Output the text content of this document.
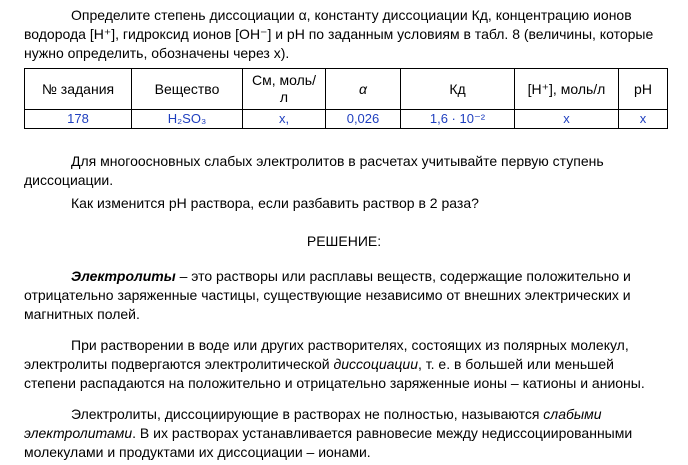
Определите степень диссоциации α, константу диссоциации Кд, концентрацию ионов водорода [H⁺], гидроксид ионов [OH⁻] и pH по заданным условиям в табл. 8 (величины, которые нужно определить, обозначены через x).

№ задания	Вещество	См, моль/л	α	Кд	[H⁺], моль/л	pH
178	H₂SO₃	x,	0,026	1,6 · 10⁻²	x	x

Для многоосновных слабых электролитов в расчетах учитывайте первую ступень диссоциации.

Как изменится pH раствора, если разбавить раствор в 2 раза?

РЕШЕНИЕ:

Электролиты – это растворы или расплавы веществ, содержащие положительно и отрицательно заряженные частицы, существующие независимо от внешних электрических и магнитных полей.

При растворении в воде или других растворителях, состоящих из полярных молекул, электролиты подвергаются электролитической диссоциации, т. е. в большей или меньшей степени распадаются на положительно и отрицательно заряженные ионы – катионы и анионы.

Электролиты, диссоциирующие в растворах не полностью, называются слабыми электролитами. В их растворах устанавливается равновесие между недиссоциированными молекулами и продуктами их диссоциации – ионами.
